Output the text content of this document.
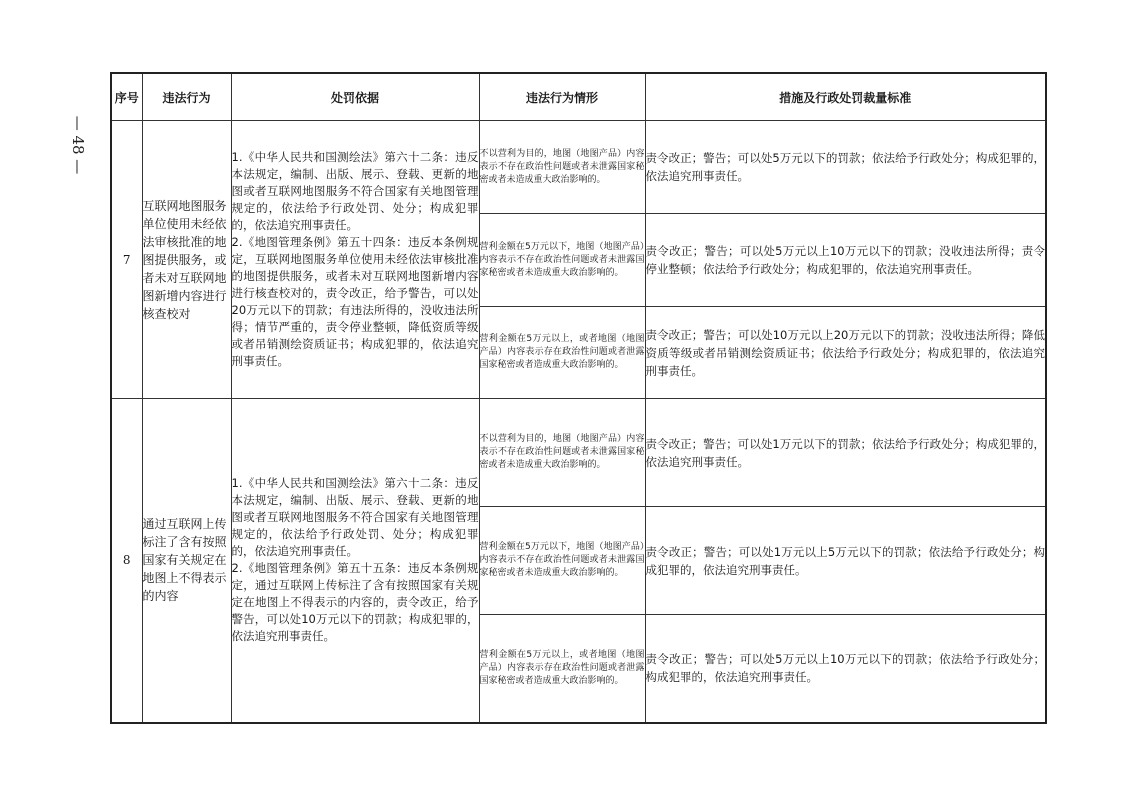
— 48 —
序号	违法行为	处罚依据	违法行为情形	措施及行政处罚裁量标准
7	互联网地图服务单位使用未经依法审核批准的地图提供服务，或者未对互联网地图新增内容进行核查校对	1.《中华人民共和国测绘法》第六十二条：违反本法规定，编制、出版、展示、登载、更新的地图或者互联网地图服务不符合国家有关地图管理规定的，依法给予行政处罚、处分；构成犯罪的，依法追究刑事责任。
2.《地图管理条例》第五十四条：违反本条例规定，互联网地图服务单位使用未经依法审核批准的地图提供服务，或者未对互联网地图新增内容进行核查校对的，责令改正，给予警告，可以处20万元以下的罚款；有违法所得的，没收违法所得；情节严重的，责令停业整顿，降低资质等级或者吊销测绘资质证书；构成犯罪的，依法追究刑事责任。	不以营利为目的，地图（地图产品）内容表示不存在政治性问题或者未泄露国家秘密或者未造成重大政治影响的。	责令改正；警告；可以处5万元以下的罚款；依法给予行政处分；构成犯罪的，依法追究刑事责任。
			营利金额在5万元以下，地图（地图产品）内容表示不存在政治性问题或者未泄露国家秘密或者未造成重大政治影响的。	责令改正；警告；可以处5万元以上10万元以下的罚款；没收违法所得；责令停业整顿；依法给予行政处分；构成犯罪的，依法追究刑事责任。
			营利金额在5万元以上，或者地图（地图产品）内容表示存在政治性问题或者泄露国家秘密或者造成重大政治影响的。	责令改正；警告；可以处10万元以上20万元以下的罚款；没收违法所得；降低资质等级或者吊销测绘资质证书；依法给予行政处分；构成犯罪的，依法追究刑事责任。
8	通过互联网上传标注了含有按照国家有关规定在地图上不得表示的内容	1.《中华人民共和国测绘法》第六十二条：违反本法规定，编制、出版、展示、登载、更新的地图或者互联网地图服务不符合国家有关地图管理规定的，依法给予行政处罚、处分；构成犯罪的，依法追究刑事责任。
2.《地图管理条例》第五十五条：违反本条例规定，通过互联网上传标注了含有按照国家有关规定在地图上不得表示的内容的，责令改正，给予警告，可以处10万元以下的罚款；构成犯罪的，依法追究刑事责任。	不以营利为目的，地图（地图产品）内容表示不存在政治性问题或者未泄露国家秘密或者未造成重大政治影响的。	责令改正；警告；可以处1万元以下的罚款；依法给予行政处分；构成犯罪的，依法追究刑事责任。
			营利金额在5万元以下，地图（地图产品）内容表示不存在政治性问题或者未泄露国家秘密或者未造成重大政治影响的。	责令改正；警告；可以处1万元以上5万元以下的罚款；依法给予行政处分；构成犯罪的，依法追究刑事责任。
			营利金额在5万元以上，或者地图（地图产品）内容表示存在政治性问题或者泄露国家秘密或者造成重大政治影响的。	责令改正；警告；可以处5万元以上10万元以下的罚款；依法给予行政处分；构成犯罪的，依法追究刑事责任。
